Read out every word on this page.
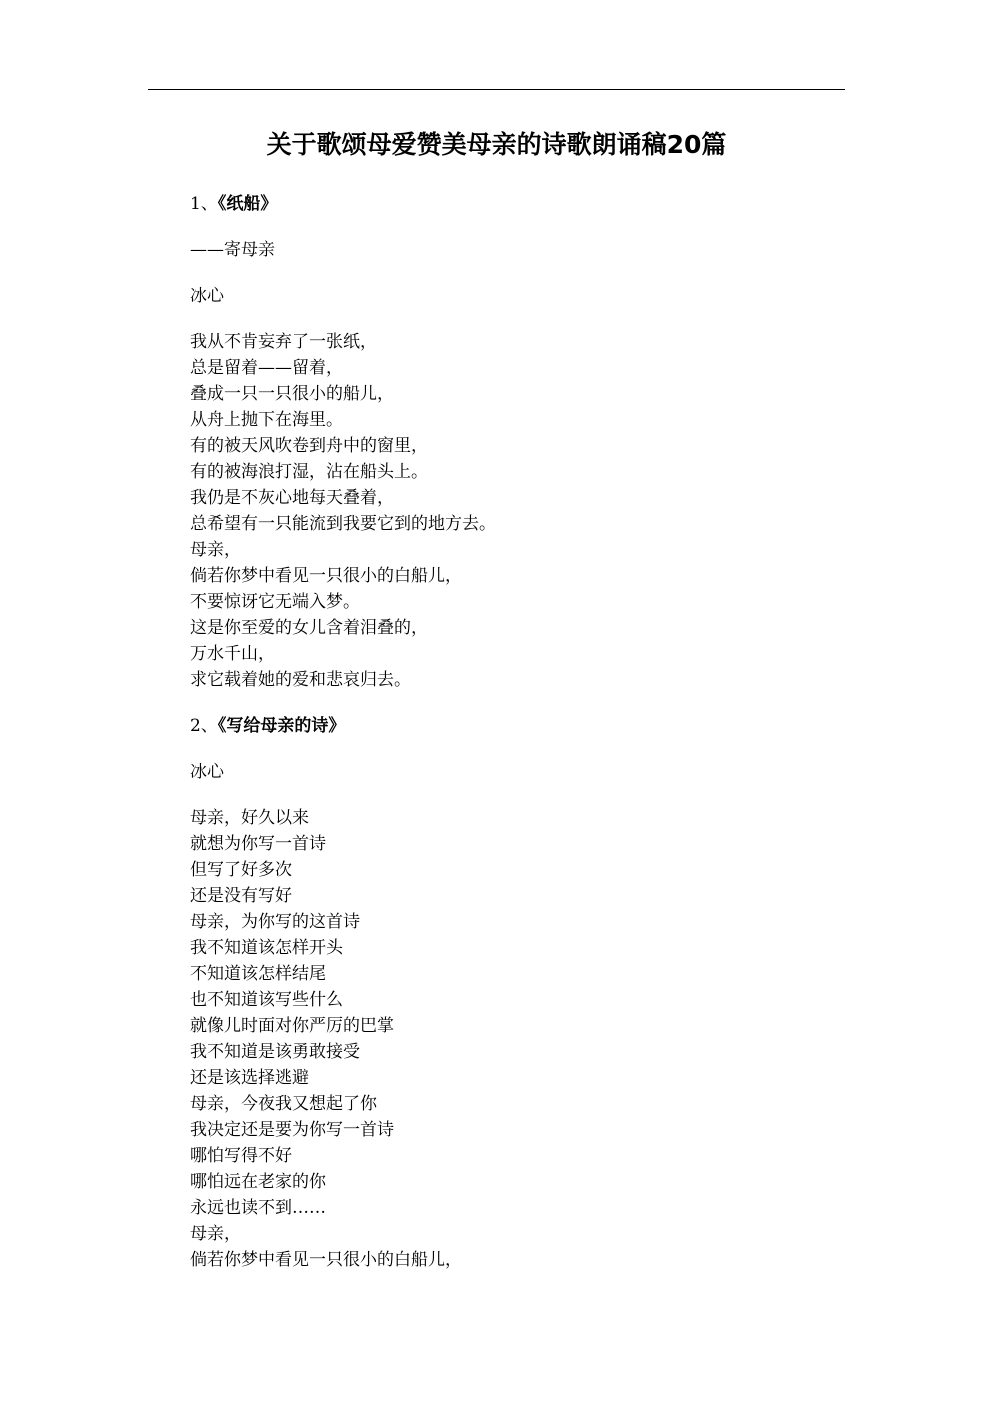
关于歌颂母爱赞美母亲的诗歌朗诵稿20篇

1、《纸船》

——寄母亲

冰心

我从不肯妄弃了一张纸，
总是留着——留着，
叠成一只一只很小的船儿，
从舟上抛下在海里。
有的被天风吹卷到舟中的窗里，
有的被海浪打湿，沾在船头上。
我仍是不灰心地每天叠着，
总希望有一只能流到我要它到的地方去。
母亲，
倘若你梦中看见一只很小的白船儿，
不要惊讶它无端入梦。
这是你至爱的女儿含着泪叠的，
万水千山，
求它载着她的爱和悲哀归去。

2、《写给母亲的诗》

冰心

母亲，好久以来
就想为你写一首诗
但写了好多次
还是没有写好
母亲，为你写的这首诗
我不知道该怎样开头
不知道该怎样结尾
也不知道该写些什么
就像儿时面对你严厉的巴掌
我不知道是该勇敢接受
还是该选择逃避
母亲，今夜我又想起了你
我决定还是要为你写一首诗
哪怕写得不好
哪怕远在老家的你
永远也读不到……
母亲，
倘若你梦中看见一只很小的白船儿，
